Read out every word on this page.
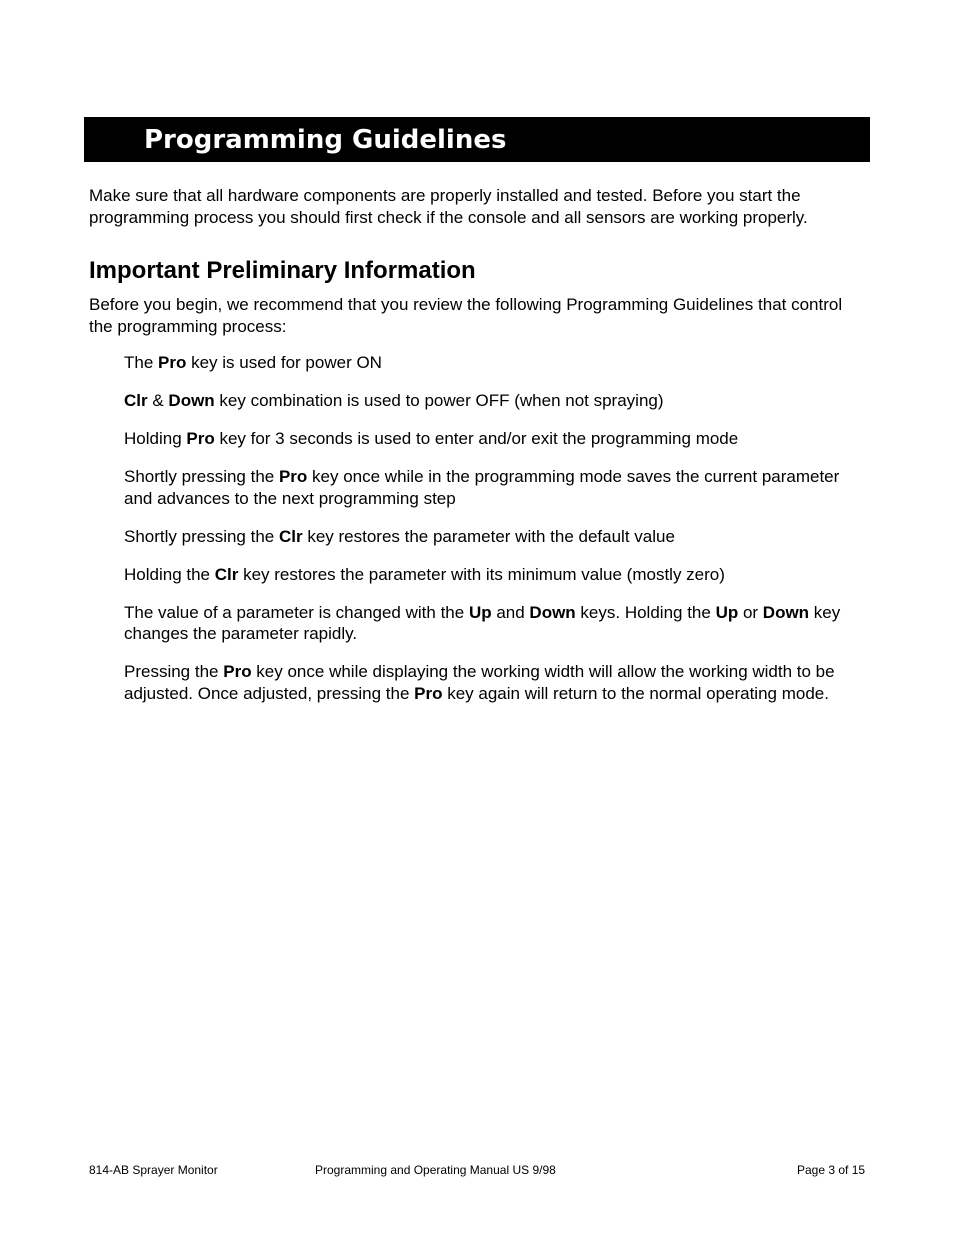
Programming Guidelines

Make sure that all hardware components are properly installed and tested. Before you start the programming process you should first check if the console and all sensors are working properly.

Important Preliminary Information

Before you begin, we recommend that you review the following Programming Guidelines that control the programming process:

The Pro key is used for power ON
Clr & Down key combination is used to power OFF (when not spraying)
Holding Pro key for 3 seconds is used to enter and/or exit the programming mode
Shortly pressing the Pro key once while in the programming mode saves the current parameter and advances to the next programming step
Shortly pressing the Clr key restores the parameter with the default value
Holding the Clr key restores the parameter with its minimum value (mostly zero)
The value of a parameter is changed with the Up and Down keys. Holding the Up or Down key changes the parameter rapidly.
Pressing the Pro key once while displaying the working width will allow the working width to be adjusted. Once adjusted, pressing the Pro key again will return to the normal operating mode.
814-AB Sprayer Monitor	Programming and Operating Manual US 9/98	Page 3 of 15
